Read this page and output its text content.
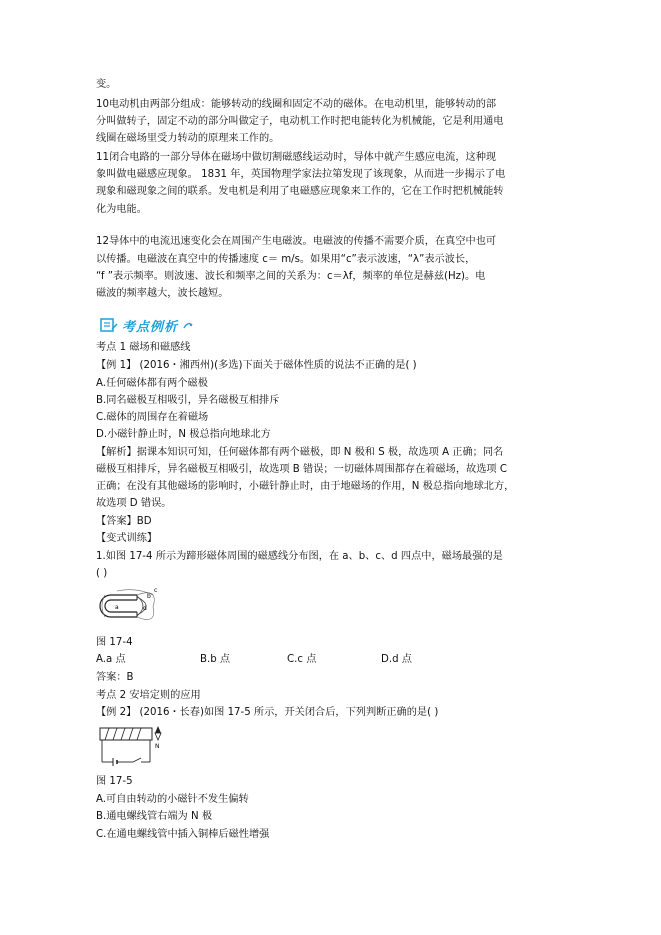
变。
10电动机由两部分组成：能够转动的线圈和固定不动的磁体。在电动机里，能够转动的部
分叫做转子，固定不动的部分叫做定子，电动机工作时把电能转化为机械能，它是利用通电
线圈在磁场里受力转动的原理来工作的。
11闭合电路的一部分导体在磁场中做切割磁感线运动时，导体中就产生感应电流，这种现
象叫做电磁感应现象。 1831 年，英国物理学家法拉第发现了该现象，从而进一步揭示了电
现象和磁现象之间的联系。发电机是利用了电磁感应现象来工作的，它在工作时把机械能转
化为电能。
12导体中的电流迅速变化会在周围产生电磁波。电磁波的传播不需要介质，在真空中也可
以传播。电磁波在真空中的传播速度 c＝ m/s。如果用“c”表示波速，“λ”表示波长，
“f ”表示频率。则波速、波长和频率之间的关系为：c＝λf，频率的单位是赫兹(Hz)。电
磁波的频率越大，波长越短。
考点例析
考点 1 磁场和磁感线
【例 1】 (2016・湘西州)(多选)下面关于磁体性质的说法不正确的是( )
A.任何磁体都有两个磁极
B.同名磁极互相吸引，异名磁极互相排斥
C.磁体的周围存在着磁场
D.小磁针静止时，N 极总指向地球北方
【解析】据课本知识可知，任何磁体都有两个磁极，即 N 极和 S 极，故选项 A 正确；同名
磁极互相排斥，异名磁极互相吸引，故选项 B 错误；一切磁体周围都存在着磁场，故选项 C
正确；在没有其他磁场的影响时，小磁针静止时，由于地磁场的作用，N 极总指向地球北方，
故选项 D 错误。
【答案】BD
【变式训练】
1.如图 17-4 所示为蹄形磁体周围的磁感线分布图，在 a、b、c、d 四点中，磁场最强的是
( )
a
b
c
d
图 17-4
A.a 点	B.b 点	C.c 点	D.d 点
答案：B
考点 2 安培定则的应用
【例 2】 (2016・长春)如图 17-5 所示，开关闭合后，下列判断正确的是( )
N
图 17-5
A.可自由转动的小磁针不发生偏转
B.通电螺线管右端为 N 极
C.在通电螺线管中插入铜棒后磁性增强
